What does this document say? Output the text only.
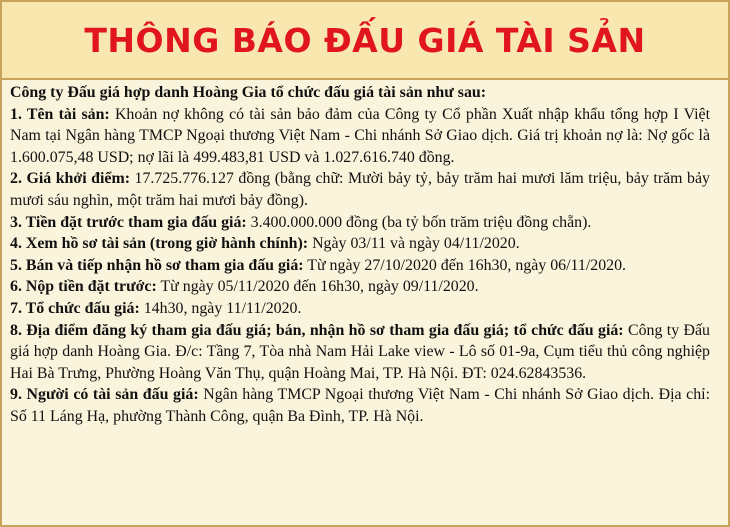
THÔNG BÁO ĐẤU GIÁ TÀI SẢN

Công ty Đấu giá hợp danh Hoàng Gia tổ chức đấu giá tài sản như sau:

1. Tên tài sản: Khoản nợ không có tài sản bảo đảm của Công ty Cổ phần Xuất nhập khẩu tổng hợp I Việt Nam tại Ngân hàng TMCP Ngoại thương Việt Nam - Chi nhánh Sở Giao dịch. Giá trị khoản nợ là: Nợ gốc là 1.600.075,48 USD; nợ lãi là 499.483,81 USD và 1.027.616.740 đồng.

2. Giá khởi điểm: 17.725.776.127 đồng (bằng chữ: Mười bảy tỷ, bảy trăm hai mươi lăm triệu, bảy trăm bảy mươi sáu nghìn, một trăm hai mươi bảy đồng).

3. Tiền đặt trước tham gia đấu giá: 3.400.000.000 đồng (ba tỷ bốn trăm triệu đồng chẵn).

4. Xem hồ sơ tài sản (trong giờ hành chính): Ngày 03/11 và ngày 04/11/2020.

5. Bán và tiếp nhận hồ sơ tham gia đấu giá: Từ ngày 27/10/2020 đến 16h30, ngày 06/11/2020.

6. Nộp tiền đặt trước: Từ ngày 05/11/2020 đến 16h30, ngày 09/11/2020.

7. Tổ chức đấu giá: 14h30, ngày 11/11/2020.

8. Địa điểm đăng ký tham gia đấu giá; bán, nhận hồ sơ tham gia đấu giá; tổ chức đấu giá: Công ty Đấu giá hợp danh Hoàng Gia. Đ/c: Tầng 7, Tòa nhà Nam Hải Lake view - Lô số 01-9a, Cụm tiểu thủ công nghiệp Hai Bà Trưng, Phường Hoàng Văn Thụ, quận Hoàng Mai, TP. Hà Nội. ĐT: 024.62843536.

9. Người có tài sản đấu giá: Ngân hàng TMCP Ngoại thương Việt Nam - Chi nhánh Sở Giao dịch. Địa chỉ: Số 11 Láng Hạ, phường Thành Công, quận Ba Đình, TP. Hà Nội.
